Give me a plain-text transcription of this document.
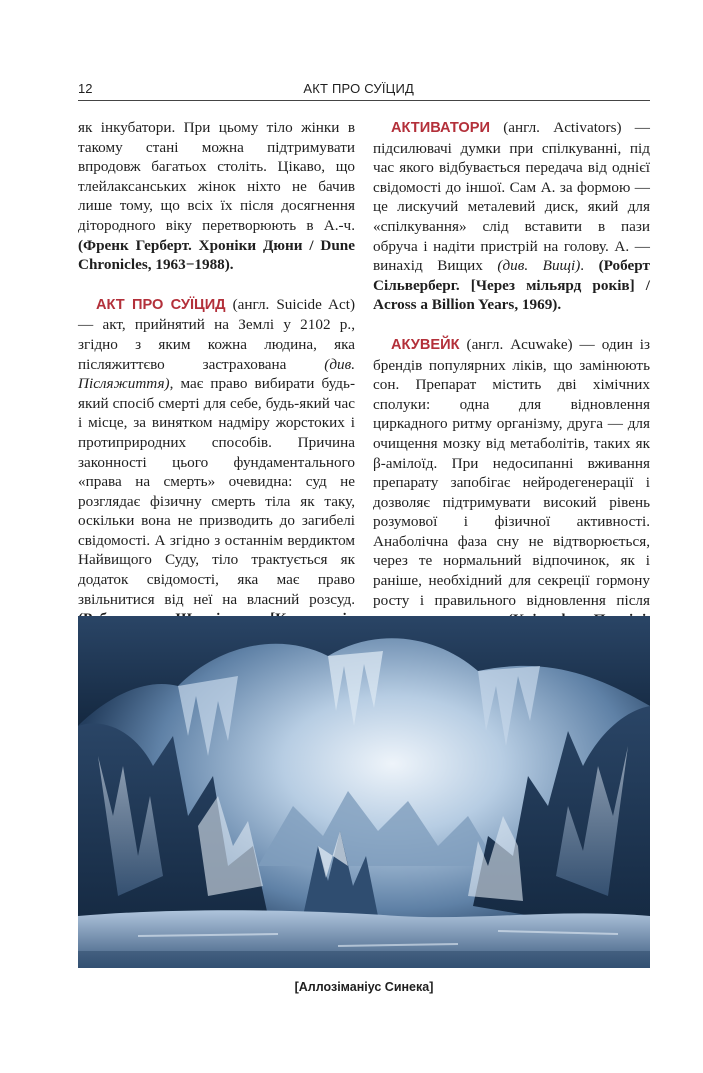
12	АКТ ПРО СУЇЦИД

як інкубатори. При цьому тіло жінки в такому стані можна підтримувати впродовж багатьох століть. Цікаво, що тлейлаксанських жінок ніхто не бачив лише тому, що всіх їх після досягнення дітородного віку перетворюють в А.-ч. (Френк Герберт. Хроніки Дюни / Dune Chronicles, 1963−1988).

АКТ ПРО СУЇЦИД (англ. Suicide Act) — акт, прийнятий на Землі у 2102 р., згідно з яким кожна людина, яка післяжиттєво застрахована (див. Післяжиття), має право вибирати будь-який спосіб смерті для себе, будь-який час і місце, за винятком надміру жорстоких і протиприродних способів. Причина законності цього фундаментального «права на смерть» очевидна: суд не розглядає фізичну смерть тіла як таку, оскільки вона не призводить до загибелі свідомості. А згідно з останнім вердиктом Найвищого Суду, тіло трактується як додаток свідомості, яка має право звільнитися від неї на власний розсуд.

АКТИВАТОРИ (англ. Activators) — підсилювачі думки при спілкуванні, під час якого відбувається передача від однієї свідомості до іншої. Сам А. за формою — це лискучий металевий диск, який для «спілкування» слід вставити в пази обруча і надіти пристрій на голову. А. — винахід Вищих (див. Вищі). (Роберт Сільверберг. [Через мільярд років] / Across a Billion Years, 1969).

АКУВЕЙК (англ. Acuwake) — один із брендів популярних ліків, що замінюють сон. Препарат містить дві хімічних сполуки: одна для відновлення циркадного ритму організму, друга — для очищення мозку від метаболітів, таких як β-амілоїд. При недосипанні вживання препарату запобігає нейродегенерації і дозволяє підтримувати високий рівень розумової і фізичної активності. Анаболічна фаза сну не відтворюється, через те нормальний відпочинок, як і раніше, необхідний для секреції гормону росту і правильного відновлення після

[Аллозіманіус Синека]
